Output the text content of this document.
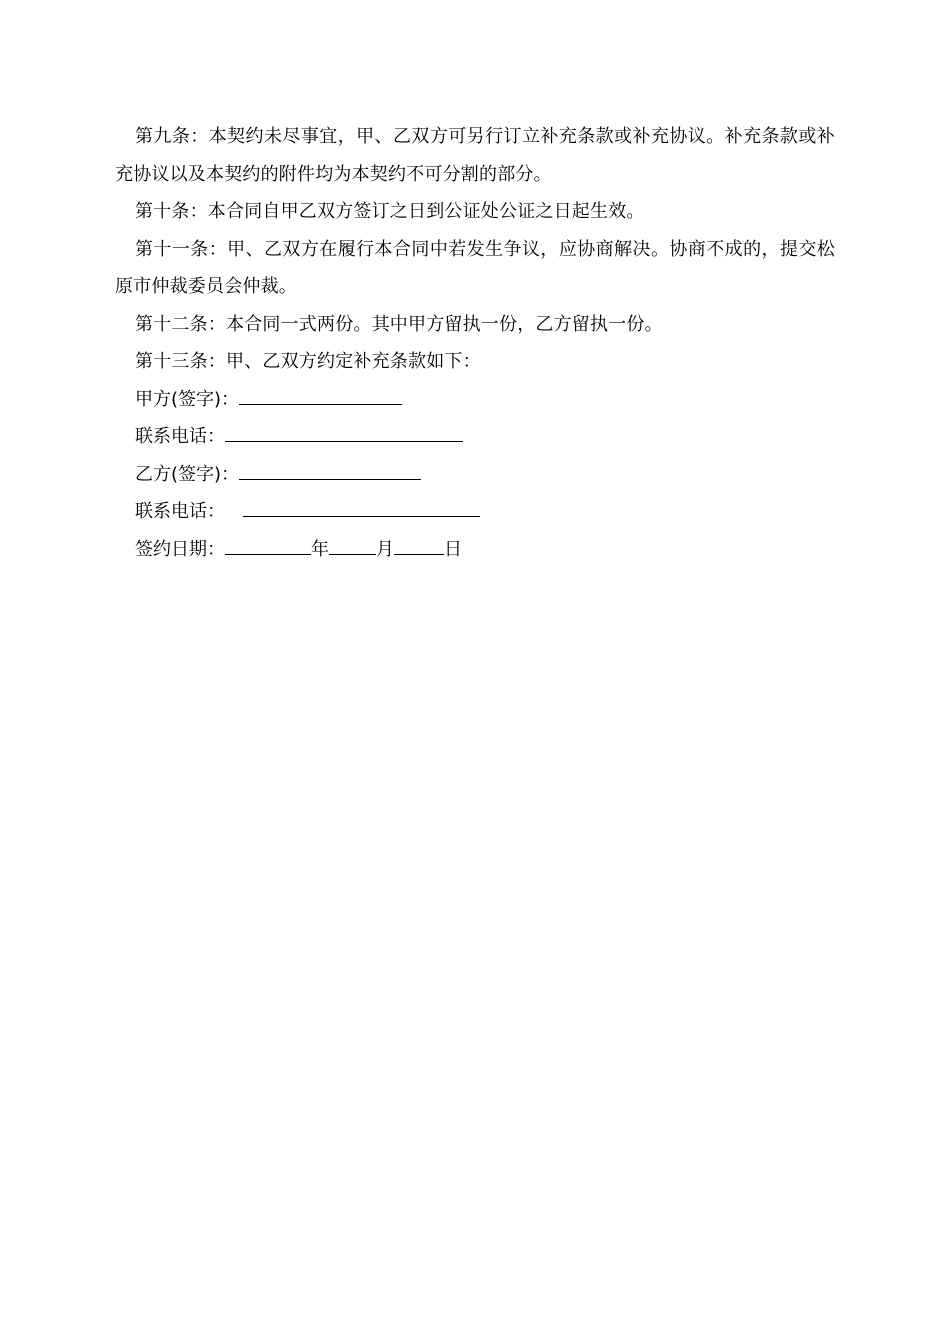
第九条：本契约未尽事宜，甲、乙双方可另行订立补充条款或补充协议。补充条款或补充协议以及本契约的附件均为本契约不可分割的部分。

第十条：本合同自甲乙双方签订之日到公证处公证之日起生效。

第十一条：甲、乙双方在履行本合同中若发生争议，应协商解决。协商不成的，提交松原市仲裁委员会仲裁。

第十二条：本合同一式两份。其中甲方留执一份，乙方留执一份。

第十三条：甲、乙双方约定补充条款如下：

甲方(签字)：
联系电话：
乙方(签字)：
联系电话：
签约日期：	年	月	日
